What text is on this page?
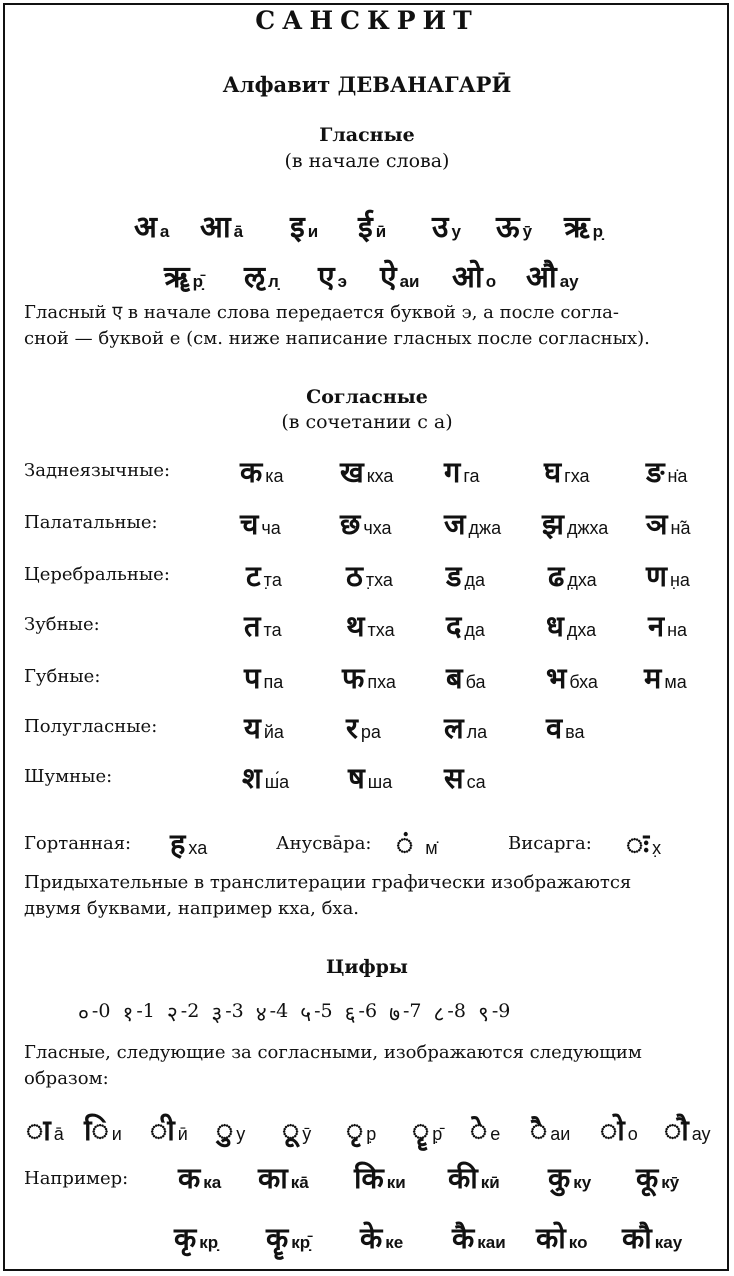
САНСКРИТ
Алфавит ДЕВАНАГАРӢ
Гласные
(в начале слова)
अ a आ ā इ и ई ӣ उ у ऊ ӯ ऋ р̣
ॠ р̣̄ ऌ л̣ ए э ऐ аи ओ о औ ау
Гласный ए в начале слова передается буквой э, а после согла-
сной — буквой е (см. ниже написание гласных после согласных).
Согласные
(в сочетании с а)
Заднеязычные: क ка ख кха ग га घ гха ङ н̇а
Палатальные:	च ча छ чха ज джа झ джха ञ н̃а
Церебральные:	ट т̣а ठ т̣ха ड д̣а ढ д̣ха ण н̣а
Зубные:	त та थ тха द да ध дха न на
Губные:	प па फ пха ब ба भ бха म ма
Полугласные:	य йа र ра ल ла व ва
Шумные:	श ш́а ष ша स са
Гортанная: ह ха	Анусвāра: ं м̇	Висарга: ः х̣
Придыхательные в транслитерации графически изображаются
двумя буквами, например кха, бха.
Цифры
० -0 १ -1 २ -2 ३ -3 ४ -4 ५ -5 ६ -6 ७ -7 ८ -8 ९ -9
Гласные, следующие за согласными, изображаются следующим
образом:
ा ā ि и ी ӣ ु у ू ӯ ृ р̣ ॄ р̣̄ े е ै аи ो о ौ ау
Например: क ка का кā कि ки की кӣ कु ку कू кӯ
कृ кр̣ कॄ кр̣̄ के ке कै каи को ко कौ кау
